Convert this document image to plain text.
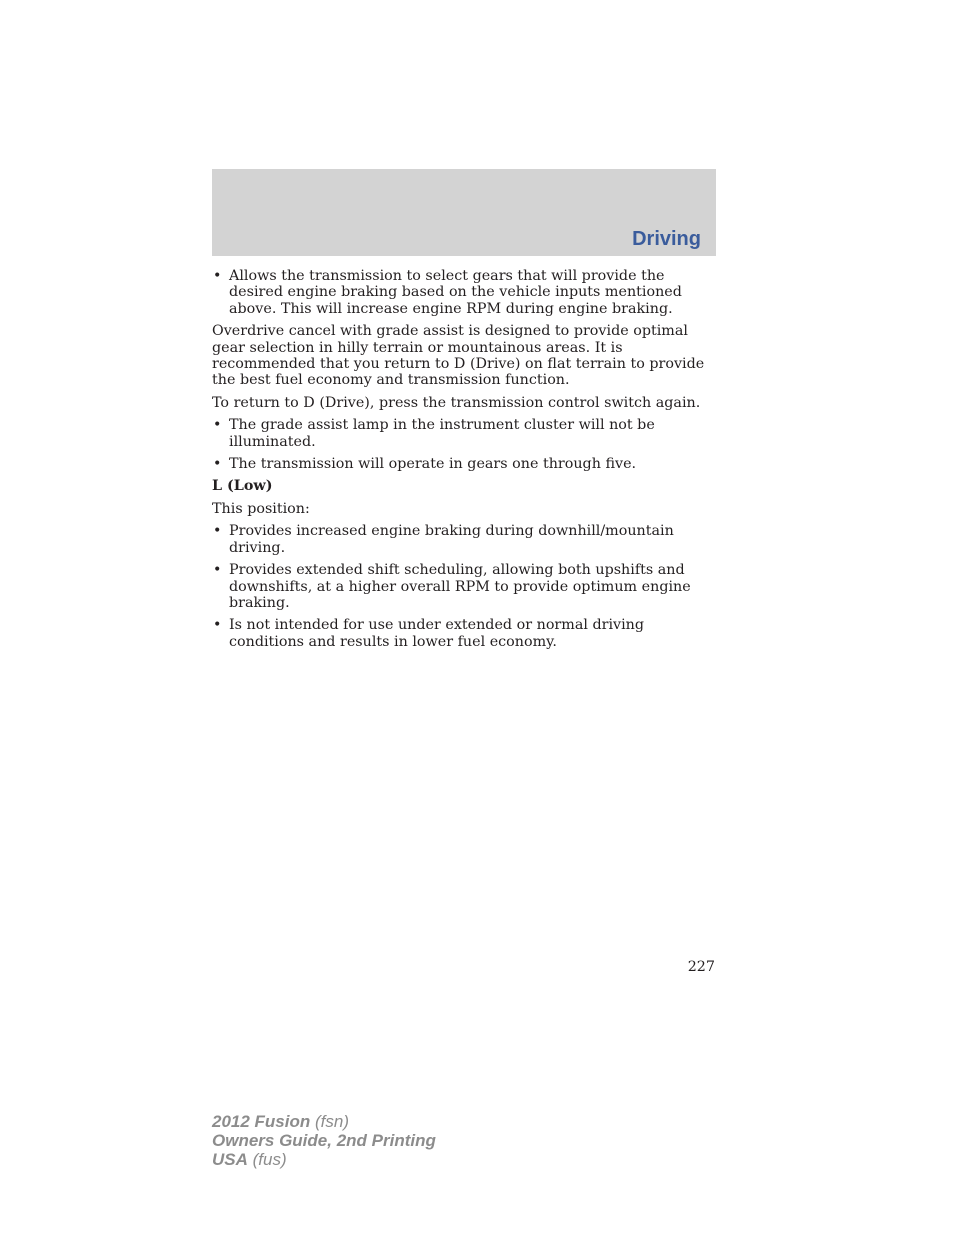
Driving
• Allows the transmission to select gears that will provide the desired engine braking based on the vehicle inputs mentioned above. This will increase engine RPM during engine braking.

Overdrive cancel with grade assist is designed to provide optimal gear selection in hilly terrain or mountainous areas. It is recommended that you return to D (Drive) on flat terrain to provide the best fuel economy and transmission function.

To return to D (Drive), press the transmission control switch again.

• The grade assist lamp in the instrument cluster will not be illuminated.
• The transmission will operate in gears one through five.

L (Low)

This position:

• Provides increased engine braking during downhill/mountain driving.
• Provides extended shift scheduling, allowing both upshifts and downshifts, at a higher overall RPM to provide optimum engine braking.
• Is not intended for use under extended or normal driving conditions and results in lower fuel economy.
227
2012 Fusion (fsn)
Owners Guide, 2nd Printing
USA (fus)
